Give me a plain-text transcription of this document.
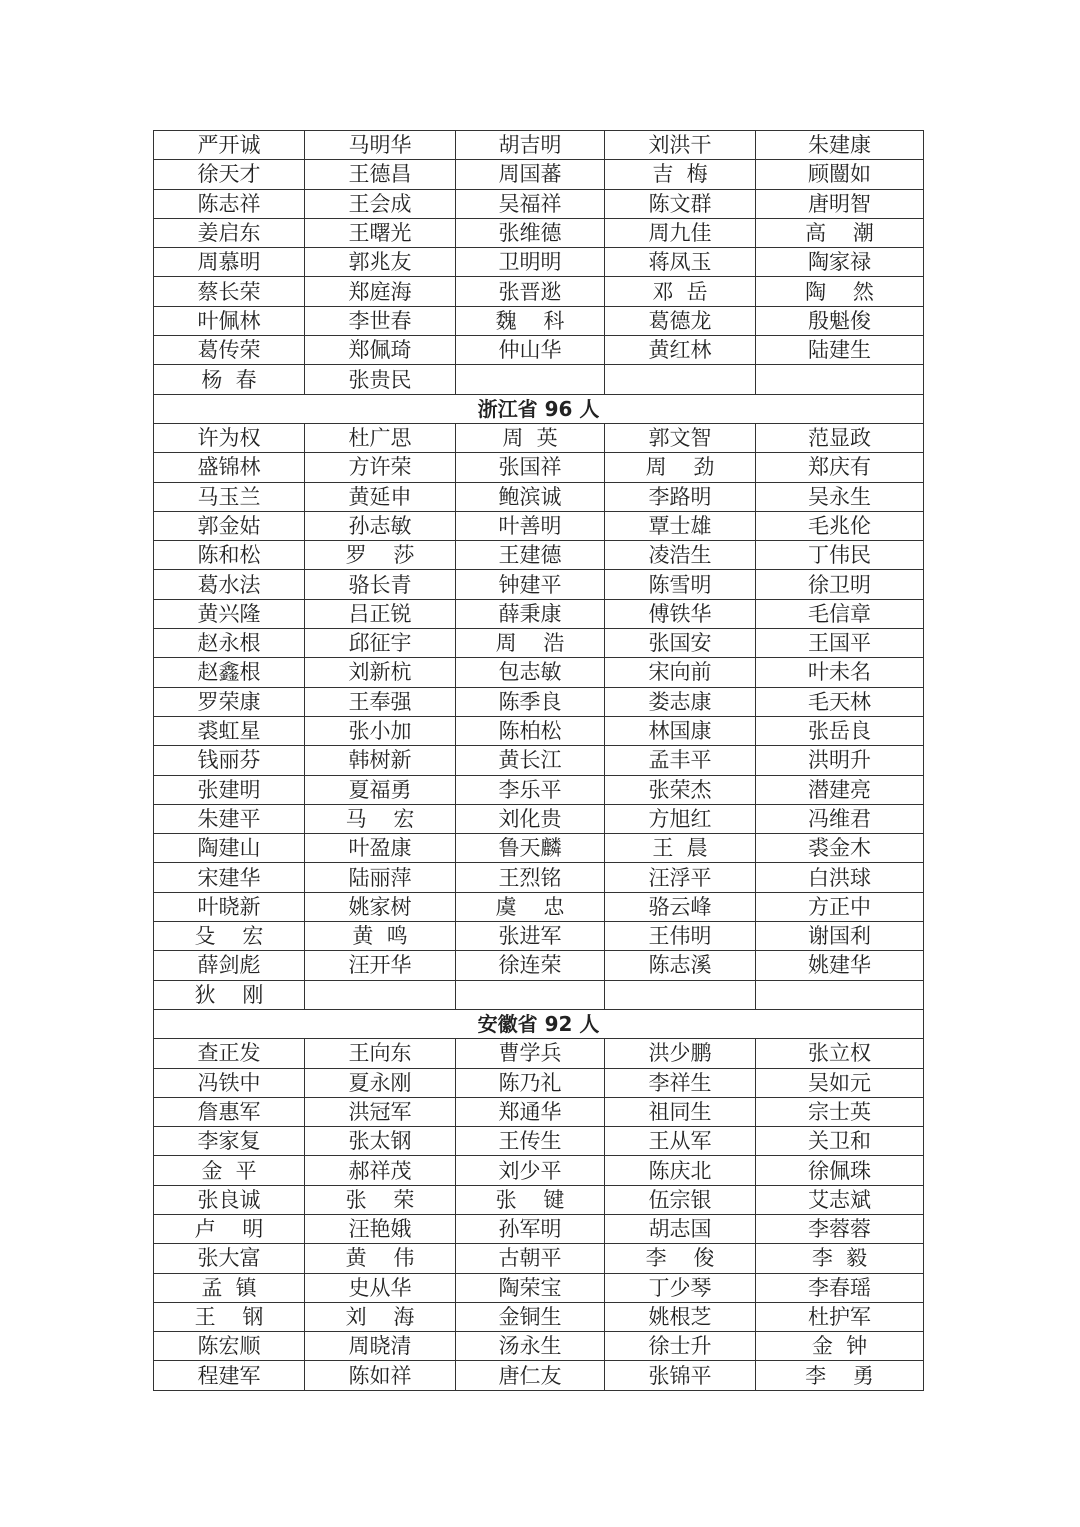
严开诚	马明华	胡吉明	刘洪干	朱建康
徐天才	王德昌	周国蕃	吉  梅	顾闓如
陈志祥	王会成	吴福祥	陈文群	唐明智
姜启东	王曙光	张维德	周九佳	高    潮
周慕明	郭兆友	卫明明	蒋凤玉	陶家禄
蔡长荣	郑庭海	张晋逖	邓  岳	陶    然
叶佩林	李世春	魏    科	葛德龙	殷魁俊
葛传荣	郑佩琦	仲山华	黄红林	陆建生
杨  春	张贵民			
浙江省 96 人				
许为权	杜广思	周  英	郭文智	范显政
盛锦林	方许荣	张国祥	周    劲	郑庆有
马玉兰	黄延申	鲍滨诚	李路明	吴永生
郭金姑	孙志敏	叶善明	覃士雄	毛兆伦
陈和松	罗    莎	王建德	凌浩生	丁伟民
葛水法	骆长青	钟建平	陈雪明	徐卫明
黄兴隆	吕正锐	薛秉康	傅铁华	毛信章
赵永根	邱征宇	周    浩	张国安	王国平
赵鑫根	刘新杭	包志敏	宋向前	叶未名
罗荣康	王奉强	陈季良	娄志康	毛天林
裘虹星	张小加	陈柏松	林国康	张岳良
钱丽芬	韩树新	黄长江	孟丰平	洪明升
张建明	夏福勇	李乐平	张荣杰	潜建亮
朱建平	马    宏	刘化贵	方旭红	冯维君
陶建山	叶盈康	鲁天麟	王  晨	裘金木
宋建华	陆丽萍	王烈铭	汪浮平	白洪球
叶晓新	姚家树	虞    忠	骆云峰	方正中
殳    宏	黄  鸣	张进军	王伟明	谢国利
薛剑彪	汪开华	徐连荣	陈志溪	姚建华
狄    刚				
安徽省 92 人				
查正发	王向东	曹学兵	洪少鹏	张立权
冯铁中	夏永刚	陈乃礼	李祥生	吴如元
詹惠军	洪冠军	郑通华	祖同生	宗士英
李家复	张太钢	王传生	王从军	关卫和
金  平	郝祥茂	刘少平	陈庆北	徐佩珠
张良诚	张    荣	张    键	伍宗银	艾志斌
卢    明	汪艳娥	孙军明	胡志国	李蓉蓉
张大富	黄    伟	古朝平	李    俊	李  毅
孟  镇	史从华	陶荣宝	丁少琴	李春瑶
王    钢	刘    海	金铜生	姚根芝	杜护军
陈宏顺	周晓清	汤永生	徐士升	金  钟
程建军	陈如祥	唐仁友	张锦平	李    勇
